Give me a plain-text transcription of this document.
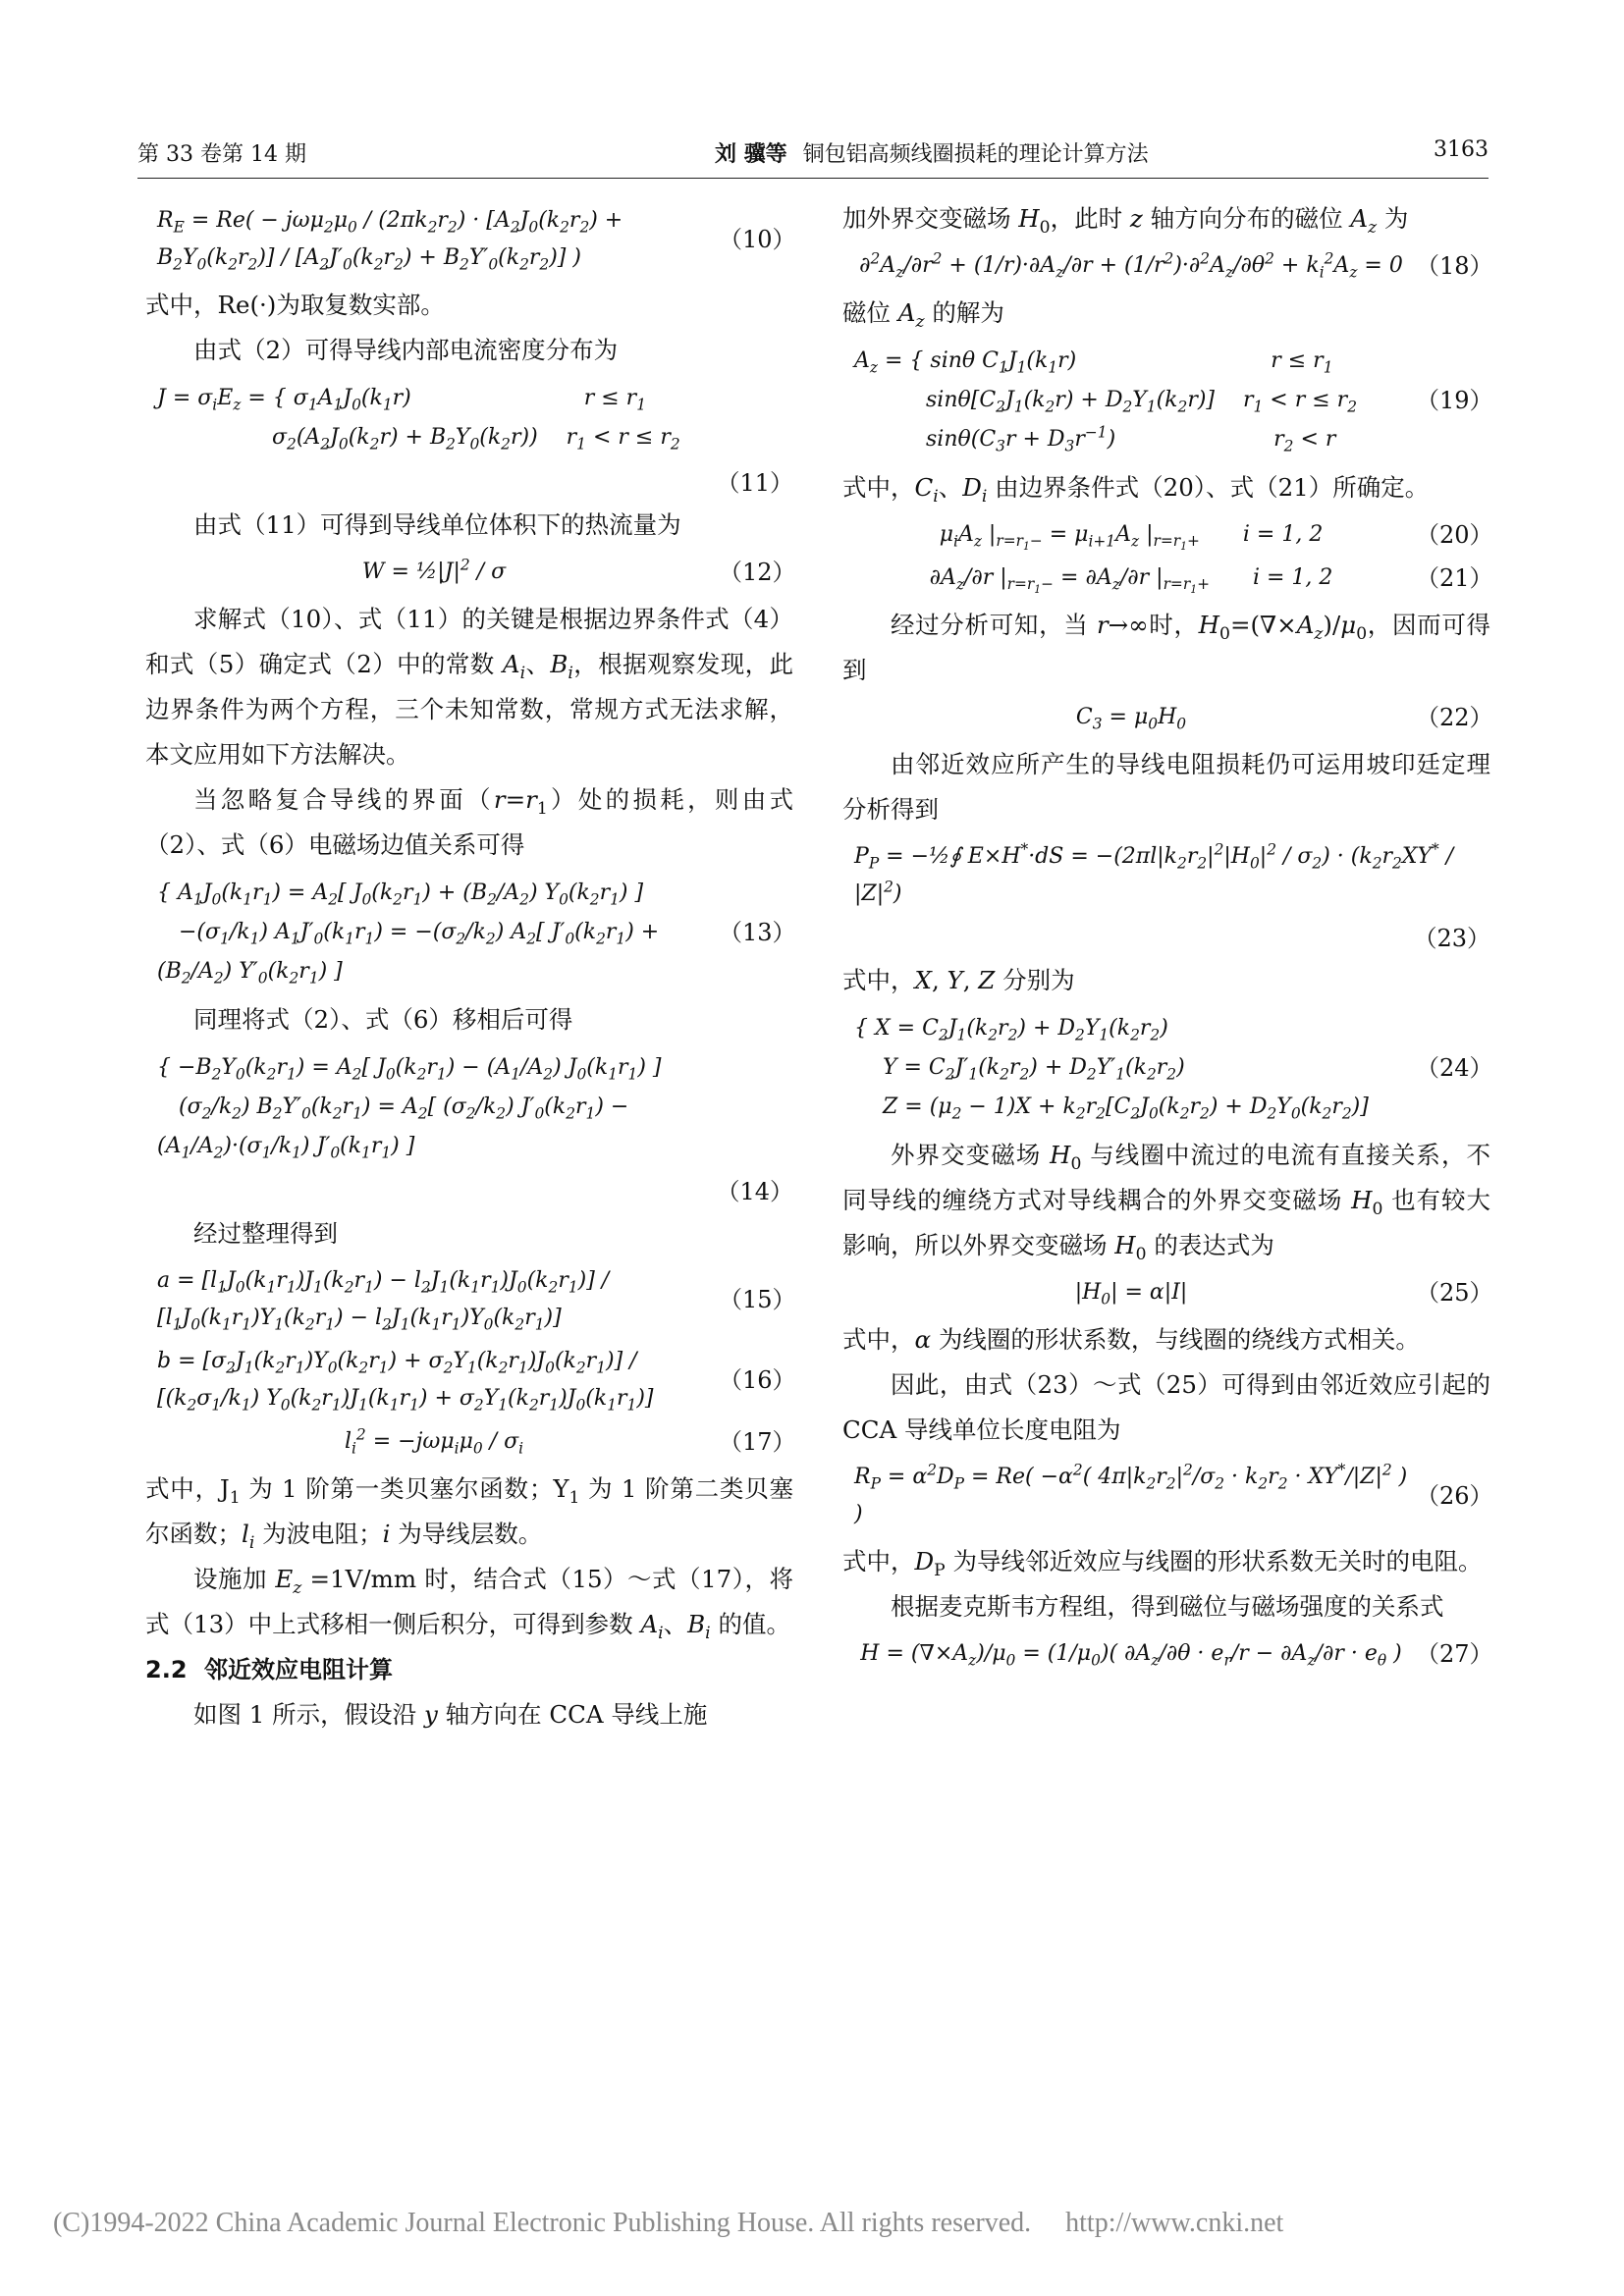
第 33 卷第 14 期	刘 骥等 铜包铝高频线圈损耗的理论计算方法	3163
$R_E = Re( - j\omega\mu_2\mu_0 / (2\pi k_2r_2) \cdot [A_2J_0(k_2r_2) + B_2Y_0(k_2r_2)] / [A_2J'_0(k_2r_2) + B_2Y'_0(k_2r_2)]$ )
（10）

式中，Re(·)为取复数实部。

由式（2）可得导线内部电流密度分布为

$J = \sigma_iE_z$ = { $\sigma_1A_1J_0(k_1r)$　　　　　　　　$r \le r_1$
　　　　　 $\sigma_2(A_2J_0(k_2r) + B_2Y_0(k_2r))$　 $r_1 < r \le r_2$
（11）

由式（11）可得到导线单位体积下的热流量为

$W = \frac{1}{2}|J|^2 / \sigma$	（12）

求解式（10）、式（11）的关键是根据边界条件式（4）和式（5）确定式（2）中的常数 $A_i$、$B_i$，根据观察发现，此边界条件为两个方程，三个未知常数，常规方式无法求解，本文应用如下方法解决。

当忽略复合导线的界面$(r=r_1)$处的损耗，则由式（2）、式（6）电磁场边值关系可得

{ $A_1J_0(k_1r_1) = A_2$[ $J_0(k_2r_1) + (B_2/A_2)$ $Y_0(k_2r_1)$ ]
　$-(\sigma_1/k_1) A_1J'_0(k_1r_1) = -(\sigma_2/k_2)$ $A_2$[ $J'_0(k_2r_1) + (B_2/A_2)$ $Y'_0(k_2r_1)$ ]
（13）

同理将式（2）、式（6）移相后可得

{ $-B_2Y_0(k_2r_1) = A_2$[ $J_0(k_2r_1) - (A_1/A_2)$ $J_0(k_1r_1)$ ]
　$(\sigma_2/k_2) B_2Y'_0(k_2r_1) = A_2$[ $(\sigma_2/k_2) J'_0(k_2r_1) - (A_1/A_2)\cdot(\sigma_1/k_1)$ $J'_0(k_1r_1)$ ]
（14）

经过整理得到

$a = [l_1J_0(k_1r_1)J_1(k_2r_1) - l_2J_1(k_1r_1)J_0(k_2r_1)] / [l_1J_0(k_1r_1)Y_1(k_2r_1) - l_2J_1(k_1r_1)Y_0(k_2r_1)]$
（15）
$b = [\sigma_2J_1(k_2r_1)Y_0(k_2r_1) + \sigma_2Y_1(k_2r_1)J_0(k_2r_1)] / [(k_2\sigma_1/k_1) Y_0(k_2r_1)J_1(k_1r_1) + \sigma_2Y_1(k_2r_1)J_0(k_1r_1)]$
（16）
$l_i^2 = -j\omega\mu_i\mu_0 / \sigma_i$	（17）

式中，$J_1$ 为 1 阶第一类贝塞尔函数；$Y_1$ 为 1 阶第二类贝塞尔函数；$l_i$ 为波电阻；i 为导线层数。

设施加 $E_z =1V/mm$ 时，结合式（15）～式（17），将式（13）中上式移相一侧后积分，可得到参数 $A_i$、$B_i$ 的值。

2.2 邻近效应电阻计算

如图 1 所示，假设沿 y 轴方向在 CCA 导线上施

加外界交变磁场 $H_0$，此时 z 轴方向分布的磁位 $A_z$ 为

$\partial^2A_z/\partial r^2 + (1/r)\cdot\partial A_z/\partial r + (1/r^2)\cdot\partial^2A_z/\partial\theta^2 + k_i^2A_z = 0$ （18）

磁位 $A_z$ 的解为

$A_z$ = { sinθ $C_1J_1(k_1r)$　　　　　　　　　$r \le r_1$
　　　 $\sin\theta[C_2J_1(k_2r) + D_2Y_1(k_2r)]$　 $r_1 < r \le r_2$
　　　 $\sin\theta(C_3r + D_3r^{-1})$　　　　　　　 $r_2 < r$
（19）

式中，$C_i$、$D_i$ 由边界条件式（20）、式（21）所确定。

$\mu_iA_z$ $|_{r=r_1-} = \mu_{i+1}A_z$ $|_{r=r_1+}$　　i = 1, 2	（20）
$\partial A_z/\partial r$ $|_{r=r_1-} = \partial A_z/\partial r$ $|_{r=r_1+}$　　i = 1, 2	（21）

经过分析可知，当 r→∞时，$H_0=(\nabla\times A_z)/\mu_0$，因而可得到

$C_3 = \mu_0H_0$	（22）

由邻近效应所产生的导线电阻损耗仍可运用坡印廷定理分析得到

$P_P$ = −½∮ $E\times H^*\cdot dS = -(2\pi l|k_2r_2|^2|H_0|^2 / \sigma_2) \cdot (k_2r_2XY^* / |Z|^2)$
（23）

式中，X, Y, Z 分别为

{ $X = C_2J_1(k_2r_2) + D_2Y_1(k_2r_2)$
　 $Y = C_2J'_1(k_2r_2) + D_2Y'_1(k_2r_2)$
　 $Z = (\mu_2 - 1)X + k_2r_2[C_2J_0(k_2r_2) + D_2Y_0(k_2r_2)]$
（24）

外界交变磁场 $H_0$ 与线圈中流过的电流有直接关系，不同导线的缠绕方式对导线耦合的外界交变磁场 $H_0$ 也有较大影响，所以外界交变磁场 $H_0$ 的表达式为

$|H_0| = \alpha|I|$	（25）

式中，α 为线圈的形状系数，与线圈的绕线方式相关。

因此，由式（23）～式（25）可得到由邻近效应引起的 CCA 导线单位长度电阻为

$R_P = \alpha^2D_P = Re( -\alpha^2$( $4\pi|k_2r_2|^2/\sigma_2 \cdot k_2r_2 \cdot XY^*/|Z|^2$ ) )
（26）

式中，$D_P$ 为导线邻近效应与线圈的形状系数无关时的电阻。

根据麦克斯韦方程组，得到磁位与磁场强度的关系式

$H = (\nabla\times A_z)/\mu_0 = (1/\mu_0)$( $\partial A_z/\partial\theta \cdot e_r/r - \partial A_z/\partial r \cdot e_\theta$ ) （27）
(C)1994-2022 China Academic Journal Electronic Publishing House. All rights reserved.　 http://www.cnki.net
